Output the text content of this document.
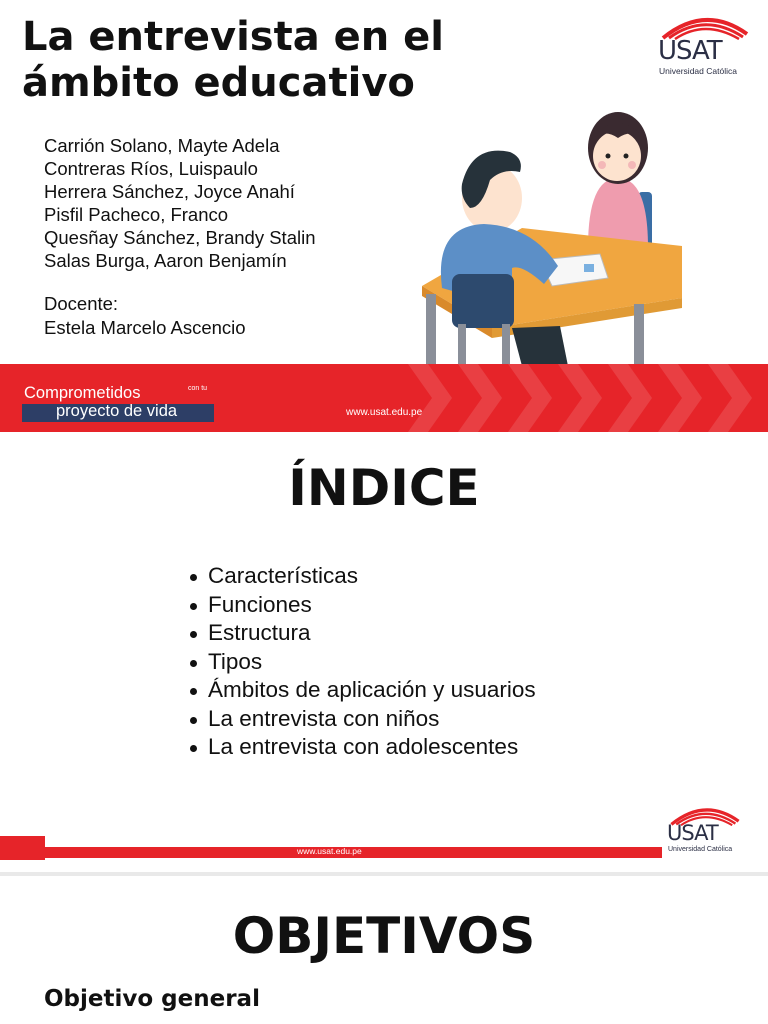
La entrevista en el ámbito educativo
USAT
Universidad Católica
Carrión Solano, Mayte Adela
Contreras Ríos, Luispaulo
Herrera Sánchez, Joyce Anahí
Pisfil Pacheco, Franco
Quesñay Sánchez, Brandy Stalin
Salas Burga, Aaron Benjamín
Docente:
Estela Marcelo Ascencio
Comprometidos	con tu
proyecto de vida	www.usat.edu.pe
ÍNDICE
Características
Funciones
Estructura
Tipos
Ámbitos de aplicación y usuarios
La entrevista con niños
La entrevista con adolescentes
www.usat.edu.pe
USAT
Universidad Católica
OBJETIVOS
Objetivo general
